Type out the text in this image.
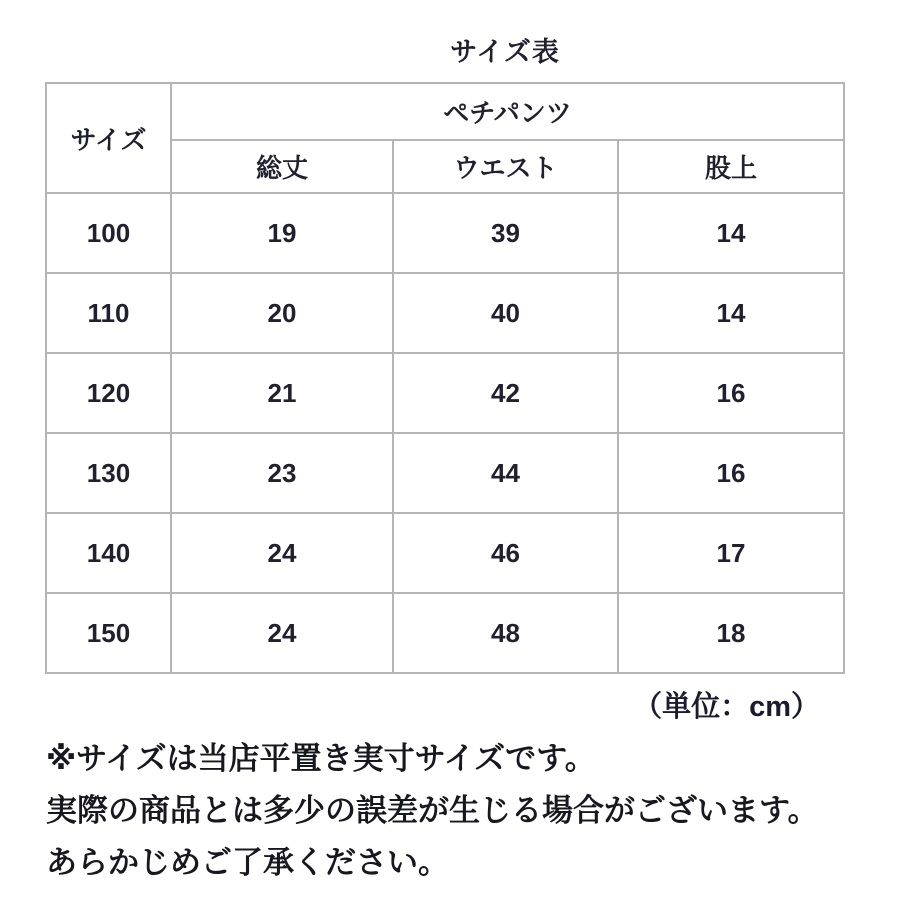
サイズ表
サイズ	ペチパンツ		
	総丈	ウエスト	股上
100	19	39	14
110	20	40	14
120	21	42	16
130	23	44	16
140	24	46	17
150	24	48	18
（単位：cm）
※サイズは当店平置き実寸サイズです。
実際の商品とは多少の誤差が生じる場合がございます。
あらかじめご了承ください。
